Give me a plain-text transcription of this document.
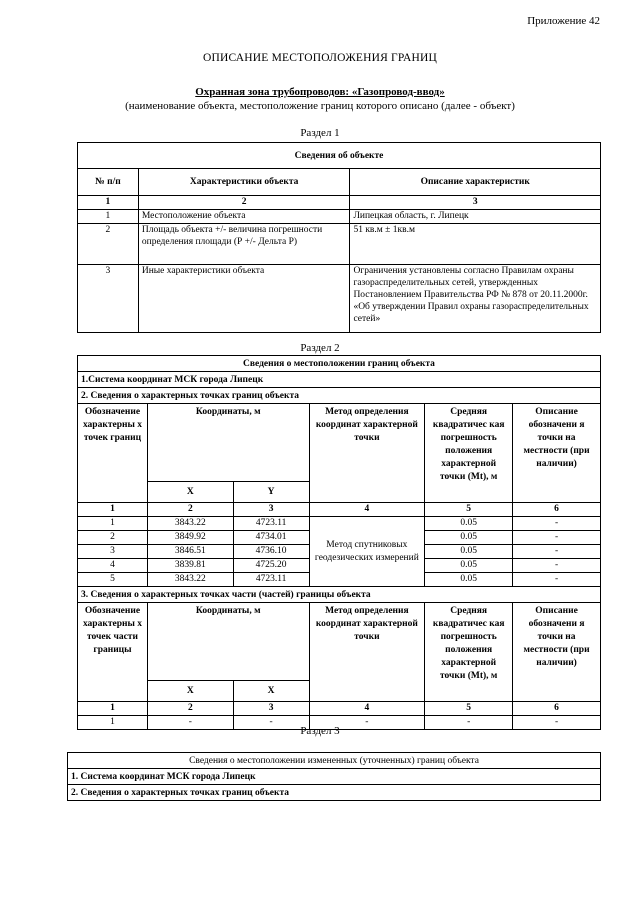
Приложение 42
ОПИСАНИЕ МЕСТОПОЛОЖЕНИЯ ГРАНИЦ
Охранная зона трубопроводов: «Газопровод-ввод»
(наименование объекта, местоположение границ которого описано (далее - объект)
Раздел 1
Сведения об объекте		
№ п/п	Характеристики объекта	Описание характеристик
1	2	3
1	Местоположение объекта	Липецкая область, г. Липецк
2	Площадь объекта +/- величина погрешности определения площади (Р +/- Дельта Р)	51 кв.м ± 1кв.м
3	Иные характеристики объекта	Ограничения установлены согласно Правилам охраны газораспределительных сетей, утвержденных Постановлением Правительства РФ № 878 от 20.11.2000г. «Об утверждении Правил охраны газораспределительных сетей»
Раздел 2
Сведения о местоположении границ объекта					
1.Система координат МСК города Липецк					
2. Сведения о характерных точках границ объекта					
Обозначение характерны х точек границ	Координаты, м		Метод определения координат характерной точки	Средняя квадратичес кая погрешность положения характерной точки (Mt), м	Описание обозначени я точки на местности (при наличии)
	X	Y			
1	2	3	4	5	6
1	3843.22	4723.11	Метод спутниковых геодезических измерений	0.05	-
2	3849.92	4734.01		0.05	-
3	3846.51	4736.10		0.05	-
4	3839.81	4725.20		0.05	-
5	3843.22	4723.11		0.05	-
3. Сведения о характерных точках части (частей) границы объекта					
Обозначение характерны х точек части границы	Координаты, м		Метод определения координат характерной точки	Средняя квадратичес кая погрешность положения характерной точки (Mt), м	Описание обозначени я точки на местности (при наличии)
	X	X			
1	2	3	4	5	6
1	-	-	-	-	-
Раздел 3
Сведения о местоположении измененных (уточненных) границ объекта
1. Система координат МСК города Липецк
2. Сведения о характерных точках границ объекта
